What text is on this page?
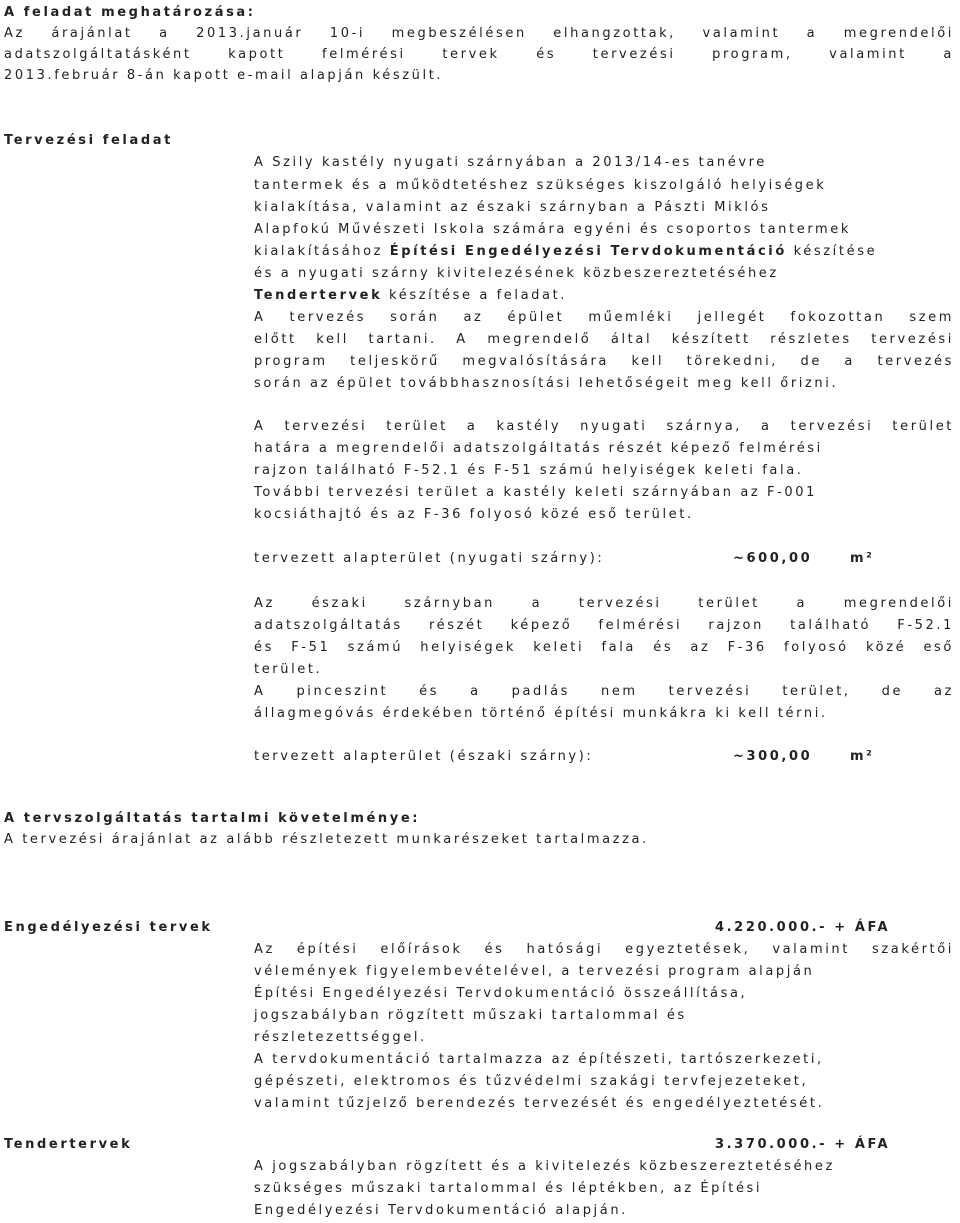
A feladat meghatározása:

Az árajánlat a 2013.január 10-i megbeszélésen elhangzottak, valamint a megrendelői

adatszolgáltatásként kapott felmérési tervek és tervezési program, valamint a

2013.február 8-án kapott e-mail alapján készült.

Tervezési feladat

A Szily kastély nyugati szárnyában a 2013/14-es tanévre

tantermek és a működtetéshez szükséges kiszolgáló helyiségek

kialakítása, valamint az északi szárnyban a Pászti Miklós

Alapfokú Művészeti Iskola számára egyéni és csoportos tantermek

kialakításához Építési Engedélyezési Tervdokumentáció készítése

és a nyugati szárny kivitelezésének közbeszereztetéséhez

Tendertervek készítése a feladat.

A tervezés során az épület műemléki jellegét fokozottan szem

előtt kell tartani. A megrendelő által készített részletes tervezési

program teljeskörű megvalósítására kell törekedni, de a tervezés

során az épület továbbhasznosítási lehetőségeit meg kell őrizni.

A tervezési terület a kastély nyugati szárnya, a tervezési terület

határa a megrendelői adatszolgáltatás részét képező felmérési

rajzon található F-52.1 és F-51 számú helyiségek keleti fala.

További tervezési terület a kastély keleti szárnyában az F-001

kocsiáthajtó és az F-36 folyosó közé eső terület.

tervezett alapterület (nyugati szárny):	~600,00	m²

Az északi szárnyban a tervezési terület a megrendelői

adatszolgáltatás részét képező felmérési rajzon található F-52.1

és F-51 számú helyiségek keleti fala és az F-36 folyosó közé eső

terület.

A pinceszint és a padlás nem tervezési terület, de az

állagmegóvás érdekében történő építési munkákra ki kell térni.

tervezett alapterület (északi szárny):	~300,00	m²

A tervszolgáltatás tartalmi követelménye:

A tervezési árajánlat az alább részletezett munkarészeket tartalmazza.

Engedélyezési tervek	4.220.000.- + ÁFA

Az építési előírások és hatósági egyeztetések, valamint szakértői

vélemények figyelembevételével, a tervezési program alapján

Építési Engedélyezési Tervdokumentáció összeállítása,

jogszabályban rögzített műszaki tartalommal és

részletezettséggel.

A tervdokumentáció tartalmazza az építészeti, tartószerkezeti,

gépészeti, elektromos és tűzvédelmi szakági tervfejezeteket,

valamint tűzjelző berendezés tervezését és engedélyeztetését.

Tendertervek	3.370.000.- + ÁFA

A jogszabályban rögzített és a kivitelezés közbeszereztetéséhez

szükséges műszaki tartalommal és léptékben, az Építési

Engedélyezési Tervdokumentáció alapján.
